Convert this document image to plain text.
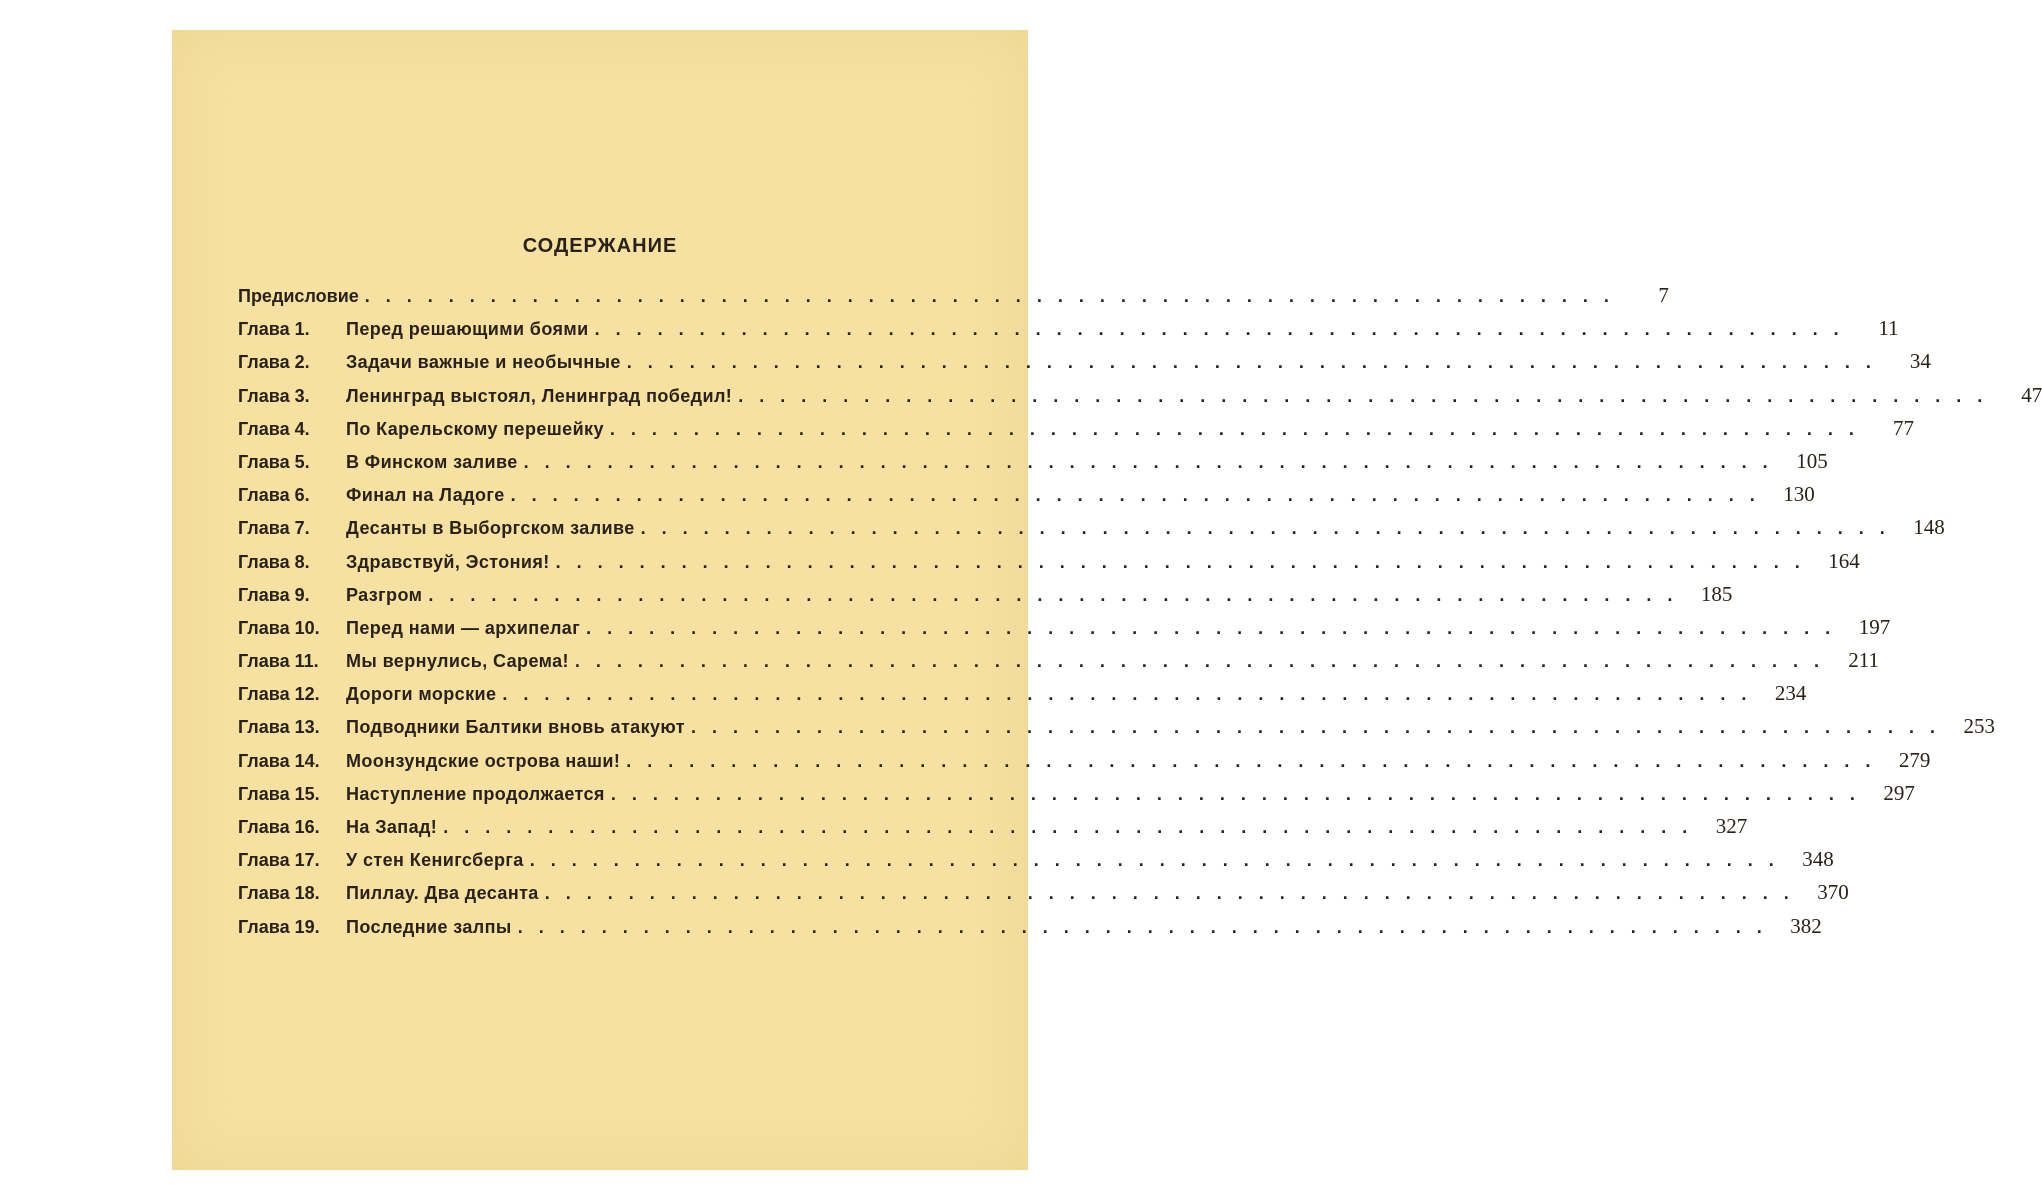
СОДЕРЖАНИЕ
Предисловие ............................................................	7
Глава 1.	Перед решающими боями ............................................................	11
Глава 2.	Задачи важные и необычные ............................................................	34
Глава 3.	Ленинград выстоял, Ленинград победил! ............................................................	47
Глава 4.	По Карельскому перешейку ............................................................	77
Глава 5.	В Финском заливе ............................................................ 105
Глава 6.	Финал на Ладоге ............................................................ 130
Глава 7.	Десанты в Выборгском заливе ............................................................ 148
Глава 8.	Здравствуй, Эстония! ............................................................ 164
Глава 9.	Разгром ............................................................ 185
Глава 10.	Перед нами — архипелаг ............................................................ 197
Глава 11.	Мы вернулись, Сарема! ............................................................ 211
Глава 12.	Дороги морские ............................................................ 234
Глава 13.	Подводники Балтики вновь атакуют ............................................................ 253
Глава 14.	Моонзундские острова наши! ............................................................ 279
Глава 15.	Наступление продолжается ............................................................ 297
Глава 16.	На Запад! ............................................................ 327
Глава 17.	У стен Кенигсберга ............................................................ 348
Глава 18.	Пиллау. Два десанта ............................................................ 370
Глава 19.	Последние залпы ............................................................ 382
